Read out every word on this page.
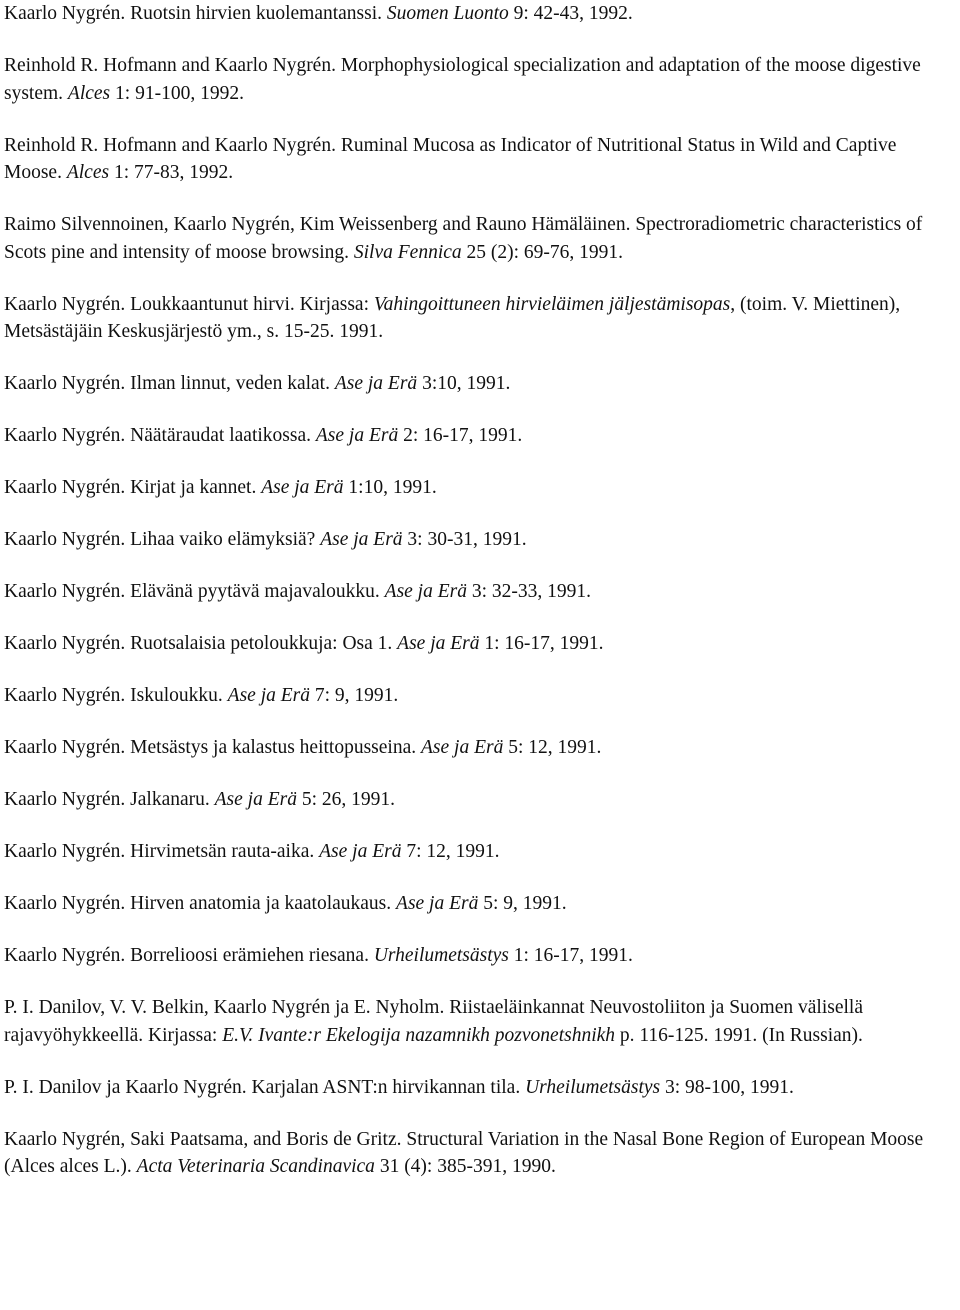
Kaarlo Nygrén. Ruotsin hirvien kuolemantanssi. Suomen Luonto 9: 42-43, 1992.
Reinhold R. Hofmann and Kaarlo Nygrén. Morphophysiological specialization and adaptation of the moose digestive system. Alces 1: 91-100, 1992.
Reinhold R. Hofmann and Kaarlo Nygrén. Ruminal Mucosa as Indicator of Nutritional Status in Wild and Captive Moose. Alces 1: 77-83, 1992.
Raimo Silvennoinen, Kaarlo Nygrén, Kim Weissenberg and Rauno Hämäläinen. Spectroradiometric characteristics of Scots pine and intensity of moose browsing. Silva Fennica 25 (2): 69-76, 1991.
Kaarlo Nygrén. Loukkaantunut hirvi. Kirjassa: Vahingoittuneen hirvieläimen jäljestämisopas, (toim. V. Miettinen), Metsästäjäin Keskusjärjestö ym., s. 15-25. 1991.
Kaarlo Nygrén. Ilman linnut, veden kalat. Ase ja Erä 3:10, 1991.
Kaarlo Nygrén. Näätäraudat laatikossa. Ase ja Erä 2: 16-17, 1991.
Kaarlo Nygrén. Kirjat ja kannet. Ase ja Erä 1:10, 1991.
Kaarlo Nygrén. Lihaa vaiko elämyksiä? Ase ja Erä 3: 30-31, 1991.
Kaarlo Nygrén. Elävänä pyytävä majavaloukku. Ase ja Erä 3: 32-33, 1991.
Kaarlo Nygrén. Ruotsalaisia petoloukkuja: Osa 1. Ase ja Erä 1: 16-17, 1991.
Kaarlo Nygrén. Iskuloukku. Ase ja Erä 7: 9, 1991.
Kaarlo Nygrén. Metsästys ja kalastus heittopusseina. Ase ja Erä 5: 12, 1991.
Kaarlo Nygrén. Jalkanaru. Ase ja Erä 5: 26, 1991.
Kaarlo Nygrén. Hirvimetsän rauta-aika. Ase ja Erä 7: 12, 1991.
Kaarlo Nygrén. Hirven anatomia ja kaatolaukaus. Ase ja Erä 5: 9, 1991.
Kaarlo Nygrén. Borrelioosi erämiehen riesana. Urheilumetsästys 1: 16-17, 1991.
P. I. Danilov, V. V. Belkin, Kaarlo Nygrén ja E. Nyholm. Riistaeläinkannat Neuvostoliiton ja Suomen välisellä rajavyöhykkeellä. Kirjassa: E.V. Ivante:r Ekelogija nazamnikh pozvonetshnikh p. 116-125. 1991. (In Russian).
P. I. Danilov ja Kaarlo Nygrén. Karjalan ASNT:n hirvikannan tila. Urheilumetsästys 3: 98-100, 1991.
Kaarlo Nygrén, Saki Paatsama, and Boris de Gritz. Structural Variation in the Nasal Bone Region of European Moose (Alces alces L.). Acta Veterinaria Scandinavica 31 (4): 385-391, 1990.
